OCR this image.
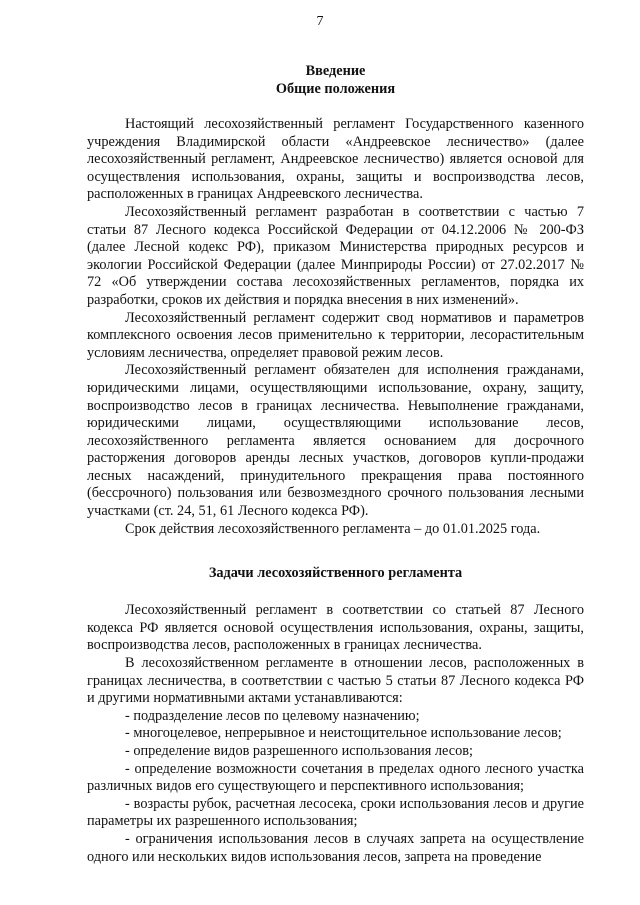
7
Введение
Общие положения

Настоящий лесохозяйственный регламент Государственного казенного учреждения Владимирской области «Андреевское лесничество» (далее лесохозяйственный регламент, Андреевское лесничество) является основой для осуществления использования, охраны, защиты и воспроизводства лесов, расположенных в границах Андреевского лесничества.

Лесохозяйственный регламент разработан в соответствии с частью 7 статьи 87 Лесного кодекса Российской Федерации от 04.12.2006 № 200-ФЗ (далее Лесной кодекс РФ), приказом Министерства природных ресурсов и экологии Российской Федерации (далее Минприроды России) от 27.02.2017 № 72 «Об утверждении состава лесохозяйственных регламентов, порядка их разработки, сроков их действия и порядка внесения в них изменений».

Лесохозяйственный регламент содержит свод нормативов и параметров комплексного освоения лесов применительно к территории, лесорастительным условиям лесничества, определяет правовой режим лесов.

Лесохозяйственный регламент обязателен для исполнения гражданами, юридическими лицами, осуществляющими использование, охрану, защиту, воспроизводство лесов в границах лесничества. Невыполнение гражданами, юридическими лицами, осуществляющими использование лесов, лесохозяйственного регламента является основанием для досрочного расторжения договоров аренды лесных участков, договоров купли-продажи лесных насаждений, принудительного прекращения права постоянного (бессрочного) пользования или безвозмездного срочного пользования лесными участками (ст. 24, 51, 61 Лесного кодекса РФ).

Срок действия лесохозяйственного регламента – до 01.01.2025 года.

Задачи лесохозяйственного регламента

Лесохозяйственный регламент в соответствии со статьей 87 Лесного кодекса РФ является основой осуществления использования, охраны, защиты, воспроизводства лесов, расположенных в границах лесничества.

В лесохозяйственном регламенте в отношении лесов, расположенных в границах лесничества, в соответствии с частью 5 статьи 87 Лесного кодекса РФ и другими нормативными актами устанавливаются:

- подразделение лесов по целевому назначению;

- многоцелевое, непрерывное и неистощительное использование лесов;

- определение видов разрешенного использования лесов;

- определение возможности сочетания в пределах одного лесного участка различных видов его существующего и перспективного использования;

- возрасты рубок, расчетная лесосека, сроки использования лесов и другие параметры их разрешенного использования;

- ограничения использования лесов в случаях запрета на осуществление одного или нескольких видов использования лесов, запрета на проведение
